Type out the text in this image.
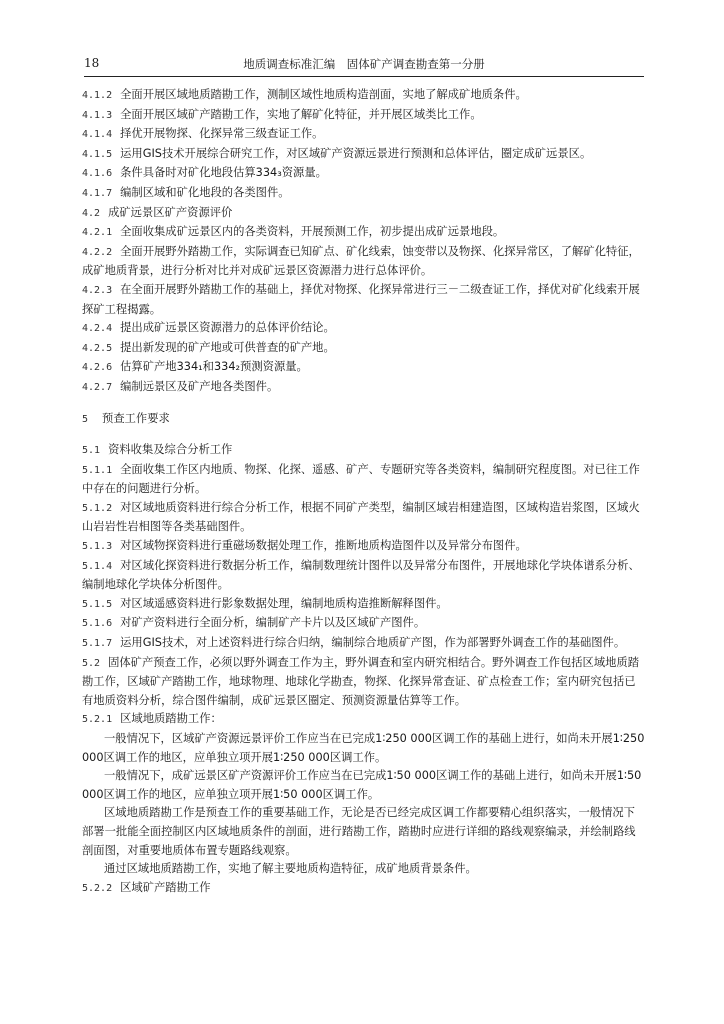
18	地质调查标准汇编　固体矿产调查勘查第一分册

4.1.2 全面开展区域地质踏勘工作，测制区域性地质构造剖面，实地了解成矿地质条件。

4.1.3 全面开展区域矿产踏勘工作，实地了解矿化特征，并开展区域类比工作。

4.1.4 择优开展物探、化探异常三级查证工作。

4.1.5 运用GIS技术开展综合研究工作，对区域矿产资源远景进行预测和总体评估，圈定成矿远景区。

4.1.6 条件具备时对矿化地段估算334₃资源量。

4.1.7 编制区域和矿化地段的各类图件。

4.2 成矿远景区矿产资源评价

4.2.1 全面收集成矿远景区内的各类资料，开展预测工作，初步提出成矿远景地段。

4.2.2 全面开展野外踏勘工作，实际调查已知矿点、矿化线索，蚀变带以及物探、化探异常区，了解矿化特征，成矿地质背景，进行分析对比并对成矿远景区资源潜力进行总体评价。

4.2.3 在全面开展野外踏勘工作的基础上，择优对物探、化探异常进行三－二级查证工作，择优对矿化线索开展探矿工程揭露。

4.2.4 提出成矿远景区资源潜力的总体评价结论。

4.2.5 提出新发现的矿产地或可供普查的矿产地。

4.2.6 估算矿产地334₁和334₂预测资源量。

4.2.7 编制远景区及矿产地各类图件。

5 预查工作要求

5.1 资料收集及综合分析工作

5.1.1 全面收集工作区内地质、物探、化探、遥感、矿产、专题研究等各类资料，编制研究程度图。对已往工作中存在的问题进行分析。

5.1.2 对区域地质资料进行综合分析工作，根据不同矿产类型，编制区域岩相建造图，区域构造岩浆图，区域火山岩岩性岩相图等各类基础图件。

5.1.3 对区域物探资料进行重磁场数据处理工作，推断地质构造图件以及异常分布图件。

5.1.4 对区域化探资料进行数据分析工作，编制数理统计图件以及异常分布图件，开展地球化学块体谱系分析、编制地球化学块体分析图件。

5.1.5 对区域遥感资料进行影象数据处理，编制地质构造推断解释图件。

5.1.6 对矿产资料进行全面分析，编制矿产卡片以及区域矿产图件。

5.1.7 运用GIS技术，对上述资料进行综合归纳，编制综合地质矿产图，作为部署野外调查工作的基础图件。

5.2 固体矿产预查工作，必须以野外调查工作为主，野外调查和室内研究相结合。野外调查工作包括区域地质踏勘工作，区域矿产踏勘工作，地球物理、地球化学勘查，物探、化探异常查证、矿点检查工作；室内研究包括已有地质资料分析，综合图件编制，成矿远景区圈定、预测资源量估算等工作。

5.2.1 区域地质踏勘工作：

一般情况下，区域矿产资源远景评价工作应当在已完成1∶250 000区调工作的基础上进行，如尚未开展1∶250 000区调工作的地区，应单独立项开展1∶250 000区调工作。

一般情况下，成矿远景区矿产资源评价工作应当在已完成1∶50 000区调工作的基础上进行，如尚未开展1∶50 000区调工作的地区，应单独立项开展1∶50 000区调工作。

区域地质踏勘工作是预查工作的重要基础工作，无论是否已经完成区调工作都要精心组织落实，一般情况下部署一批能全面控制区内区域地质条件的剖面，进行踏勘工作，踏勘时应进行详细的路线观察编录，并绘制路线剖面图，对重要地质体布置专题路线观察。

通过区域地质踏勘工作，实地了解主要地质构造特征，成矿地质背景条件。

5.2.2 区域矿产踏勘工作
